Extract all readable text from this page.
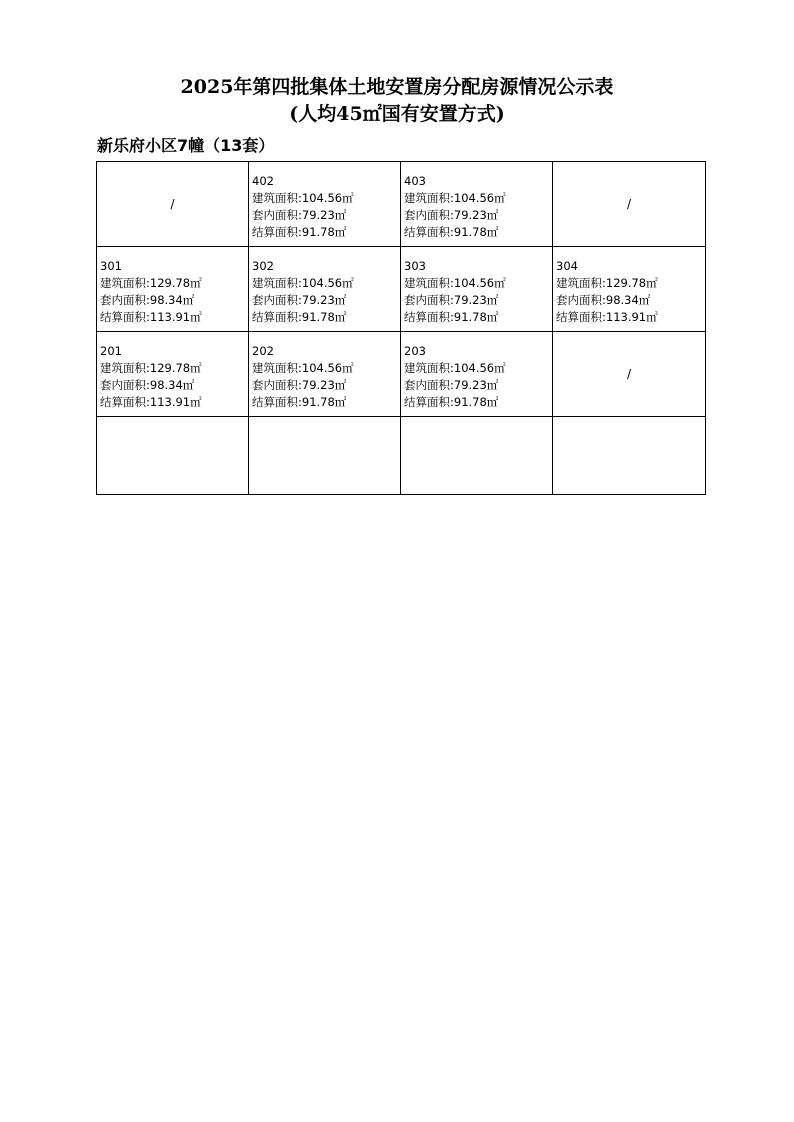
2025年第四批集体土地安置房分配房源情况公示表
(人均45㎡国有安置方式)
新乐府小区7幢（13套）
/	402
建筑面积:104.56㎡
套内面积:79.23㎡
结算面积:91.78㎡	403
建筑面积:104.56㎡
套内面积:79.23㎡
结算面积:91.78㎡	/

301
建筑面积:129.78㎡
套内面积:98.34㎡
结算面积:113.91㎡	302
建筑面积:104.56㎡
套内面积:79.23㎡
结算面积:91.78㎡	303
建筑面积:104.56㎡
套内面积:79.23㎡
结算面积:91.78㎡	304
建筑面积:129.78㎡
套内面积:98.34㎡
结算面积:113.91㎡

201
建筑面积:129.78㎡
套内面积:98.34㎡
结算面积:113.91㎡	202
建筑面积:104.56㎡
套内面积:79.23㎡
结算面积:91.78㎡	203
建筑面积:104.56㎡
套内面积:79.23㎡
结算面积:91.78㎡	/
